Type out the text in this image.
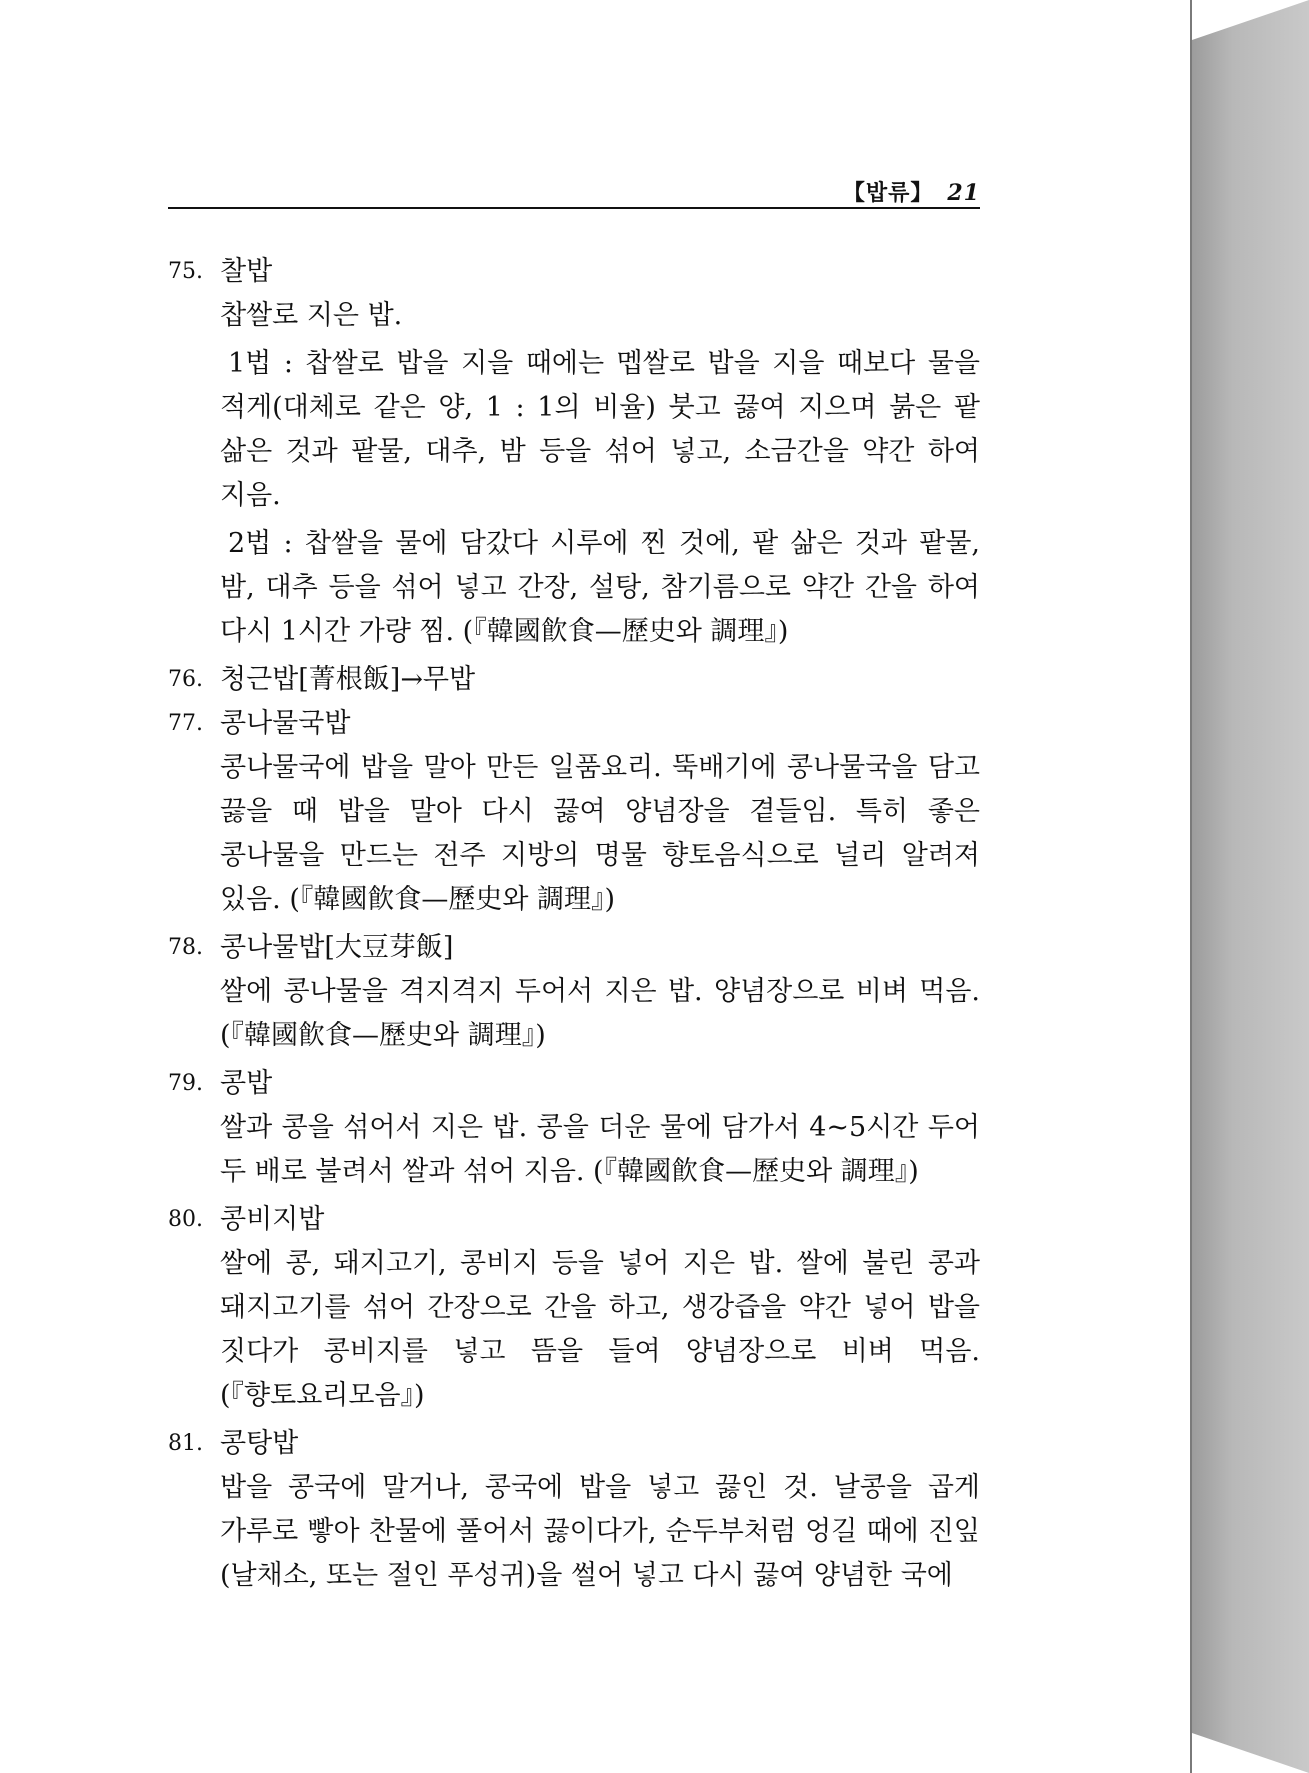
【밥류】 21
75. 찰밥

찹쌀로 지은 밥.

1법 : 찹쌀로 밥을 지을 때에는 멥쌀로 밥을 지을 때보다 물을 적게(대체로 같은 양, 1 : 1의 비율) 붓고 끓여 지으며 붉은 팥 삶은 것과 팥물, 대추, 밤 등을 섞어 넣고, 소금간을 약간 하여 지음.

2법 : 찹쌀을 물에 담갔다 시루에 찐 것에, 팥 삶은 것과 팥물, 밤, 대추 등을 섞어 넣고 간장, 설탕, 참기름으로 약간 간을 하여 다시 1시간 가량 찜. (『韓國飮食—歷史와 調理』)

76. 청근밥[菁根飯]→무밥
77. 콩나물국밥

콩나물국에 밥을 말아 만든 일품요리. 뚝배기에 콩나물국을 담고 끓을 때 밥을 말아 다시 끓여 양념장을 곁들임. 특히 좋은 콩나물을 만드는 전주 지방의 명물 향토음식으로 널리 알려져 있음. (『韓國飮食—歷史와 調理』)

78. 콩나물밥[大豆芽飯]

쌀에 콩나물을 격지격지 두어서 지은 밥. 양념장으로 비벼 먹음. (『韓國飮食—歷史와 調理』)

79. 콩밥

쌀과 콩을 섞어서 지은 밥. 콩을 더운 물에 담가서 4~5시간 두어 두 배로 불려서 쌀과 섞어 지음. (『韓國飮食—歷史와 調理』)

80. 콩비지밥

쌀에 콩, 돼지고기, 콩비지 등을 넣어 지은 밥. 쌀에 불린 콩과 돼지고기를 섞어 간장으로 간을 하고, 생강즙을 약간 넣어 밥을 짓다가 콩비지를 넣고 뜸을 들여 양념장으로 비벼 먹음. (『향토요리모음』)

81. 콩탕밥

밥을 콩국에 말거나, 콩국에 밥을 넣고 끓인 것. 날콩을 곱게 가루로 빻아 찬물에 풀어서 끓이다가, 순두부처럼 엉길 때에 진잎(날채소, 또는 절인 푸성귀)을 썰어 넣고 다시 끓여 양념한 국에
